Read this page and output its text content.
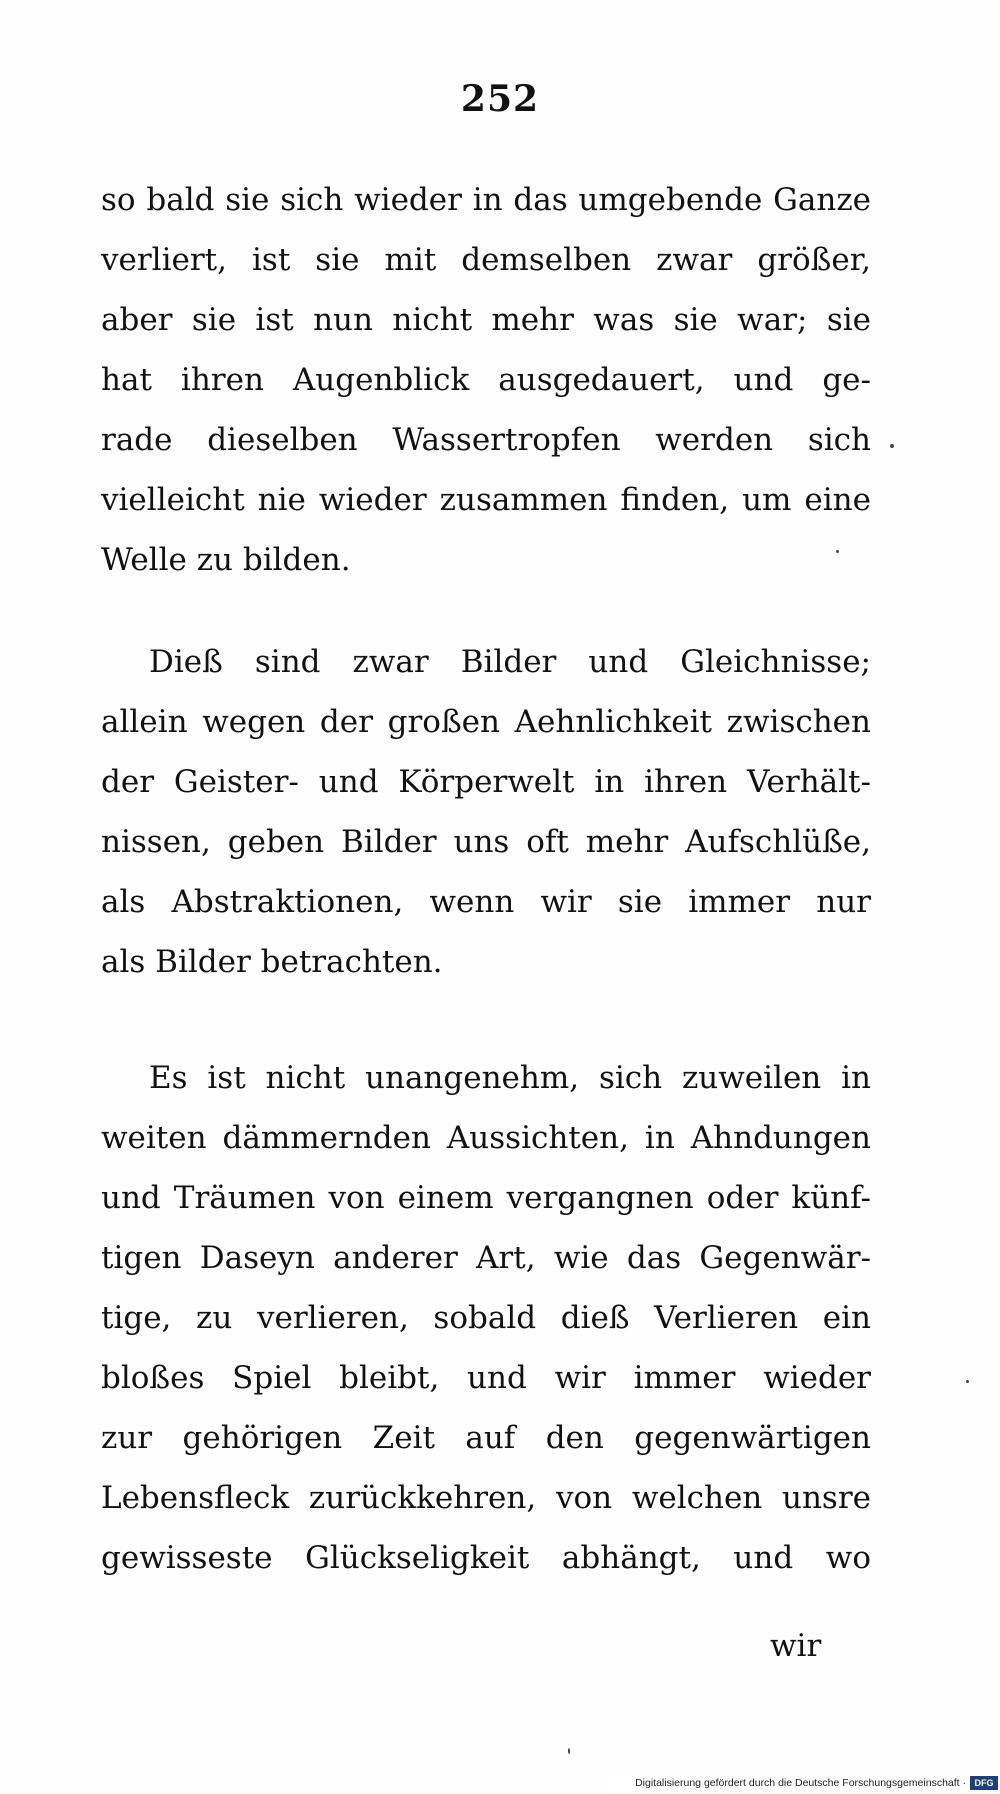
252
so bald sie sich wieder in das umgebende Ganze
verliert, ist sie mit demselben zwar größer,
aber sie ist nun nicht mehr was sie war; sie
hat ihren Augenblick ausgedauert, und ge-
rade dieselben Wassertropfen werden sich
vielleicht nie wieder zusammen finden, um eine
Welle zu bilden.
Dieß sind zwar Bilder und Gleichnisse;
allein wegen der großen Aehnlichkeit zwischen
der Geister- und Körperwelt in ihren Verhält-
nissen, geben Bilder uns oft mehr Aufschlüße,
als Abstraktionen, wenn wir sie immer nur
als Bilder betrachten.
Es ist nicht unangenehm, sich zuweilen in
weiten dämmernden Aussichten, in Ahndungen
und Träumen von einem vergangnen oder künf-
tigen Daseyn anderer Art, wie das Gegenwär-
tige, zu verlieren, sobald dieß Verlieren ein
bloßes Spiel bleibt, und wir immer wieder
zur gehörigen Zeit auf den gegenwärtigen
Lebensfleck zurückkehren, von welchen unsre
gewisseste Glückseligkeit abhängt, und wo
wir
Digitalisierung gefördert durch die Deutsche Forschungsgemeinschaft · DFG
